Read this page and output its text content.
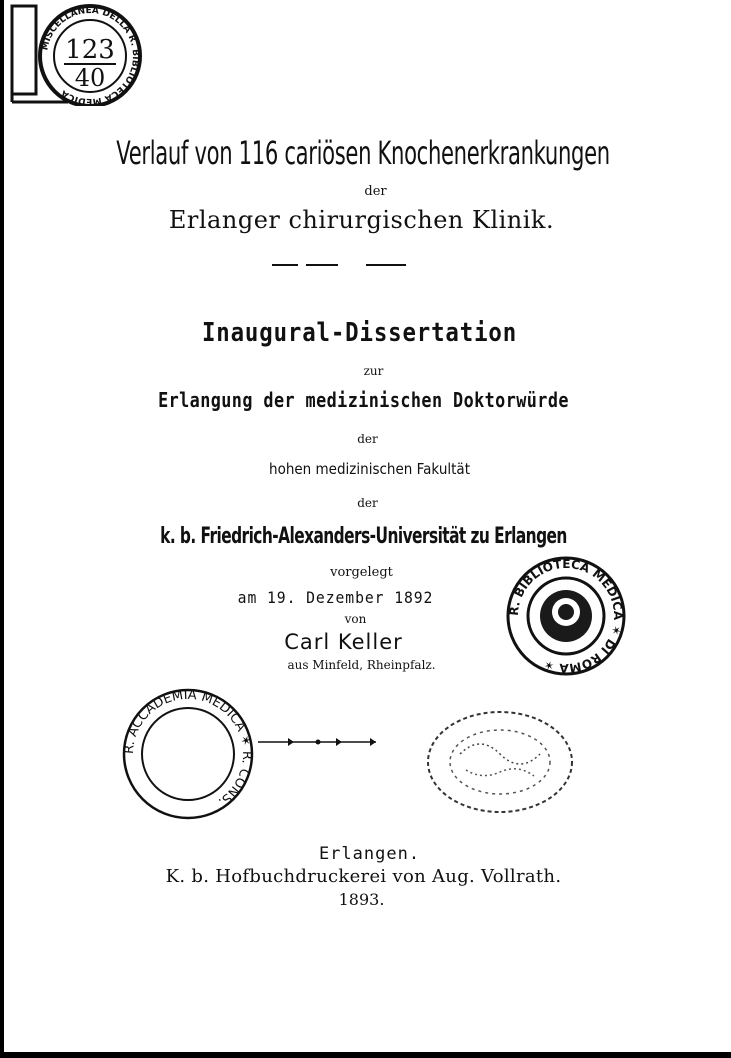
MISCELLANEA DELLA R. BIBLIOTECA MEDICA
123
40
Verlauf von 116 cariösen Knochenerkrankungen
der
Erlanger chirurgischen Klinik.
Inaugural-Dissertation
zur
Erlangung der medizinischen Doktorwürde
der
hohen medizinischen Fakultät
der
k. b. Friedrich-Alexanders-Universität zu Erlangen
vorgelegt
am 19. Dezember 1892
von
Carl Keller
aus Minfeld, Rheinpfalz.
R. BIBLIOTECA MEDICA ✶ DI ROMA ✶
R. ACCADEMIA MEDICA ✶ R. CONS.
Erlangen.
K. b. Hofbuchdruckerei von Aug. Vollrath.
1893.
